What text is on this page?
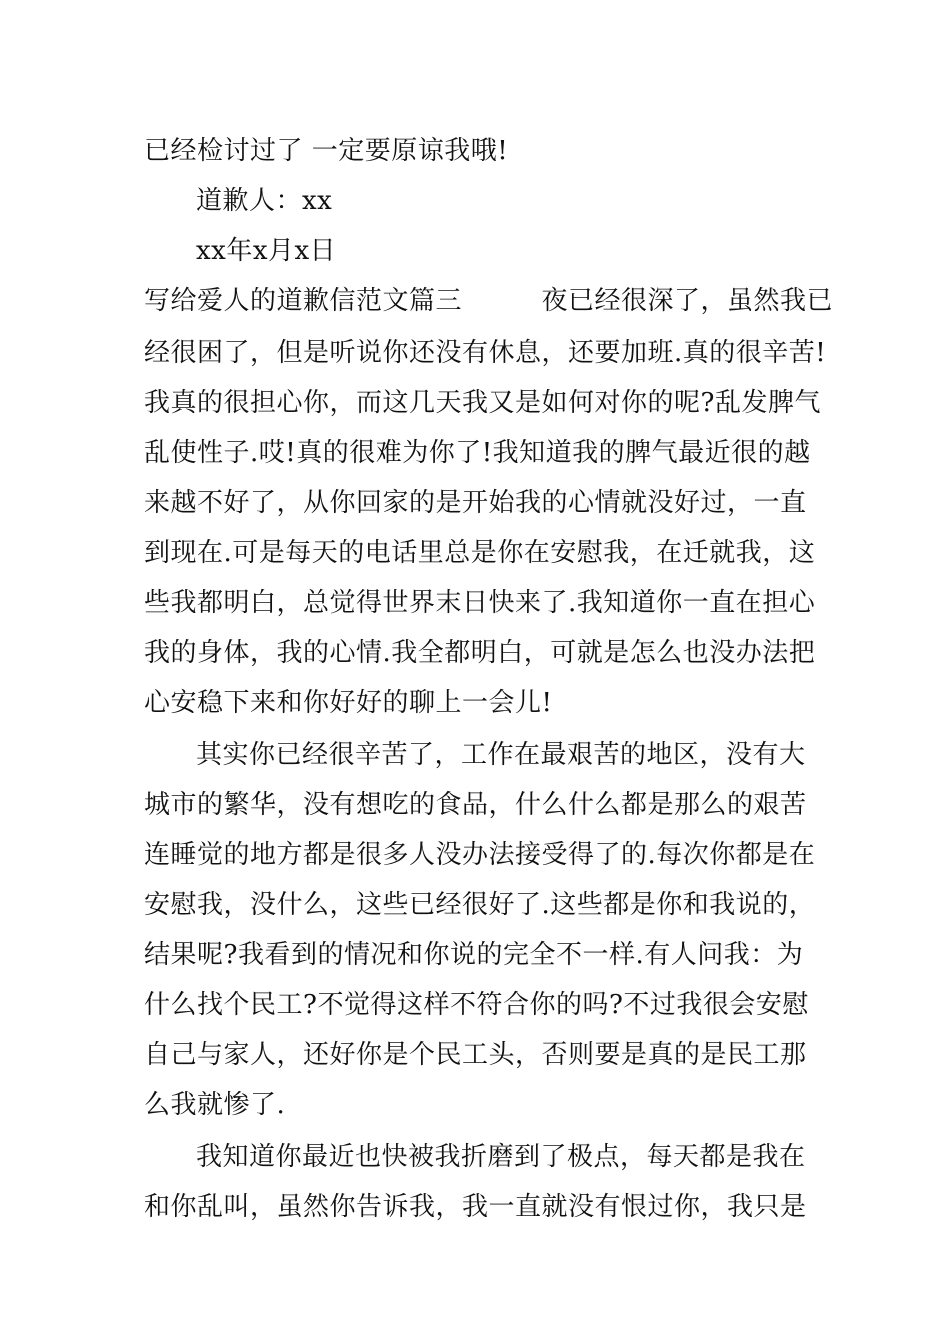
已经检讨过了 一定要原谅我哦!
道歉人：xx
xx年x月x日
写给爱人的道歉信范文篇三　　　夜已经很深了，虽然我已
经很困了，但是听说你还没有休息，还要加班.真的很辛苦!
我真的很担心你，而这几天我又是如何对你的呢?乱发脾气
乱使性子.哎!真的很难为你了!我知道我的脾气最近很的越
来越不好了，从你回家的是开始我的心情就没好过，一直
到现在.可是每天的电话里总是你在安慰我，在迁就我，这
些我都明白，总觉得世界末日快来了.我知道你一直在担心
我的身体，我的心情.我全都明白，可就是怎么也没办法把
心安稳下来和你好好的聊上一会儿!
其实你已经很辛苦了，工作在最艰苦的地区，没有大
城市的繁华，没有想吃的食品，什么什么都是那么的艰苦
连睡觉的地方都是很多人没办法接受得了的.每次你都是在
安慰我，没什么，这些已经很好了.这些都是你和我说的，
结果呢?我看到的情况和你说的完全不一样.有人问我：为
什么找个民工?不觉得这样不符合你的吗?不过我很会安慰
自己与家人，还好你是个民工头，否则要是真的是民工那
么我就惨了.
我知道你最近也快被我折磨到了极点，每天都是我在
和你乱叫，虽然你告诉我，我一直就没有恨过你，我只是
